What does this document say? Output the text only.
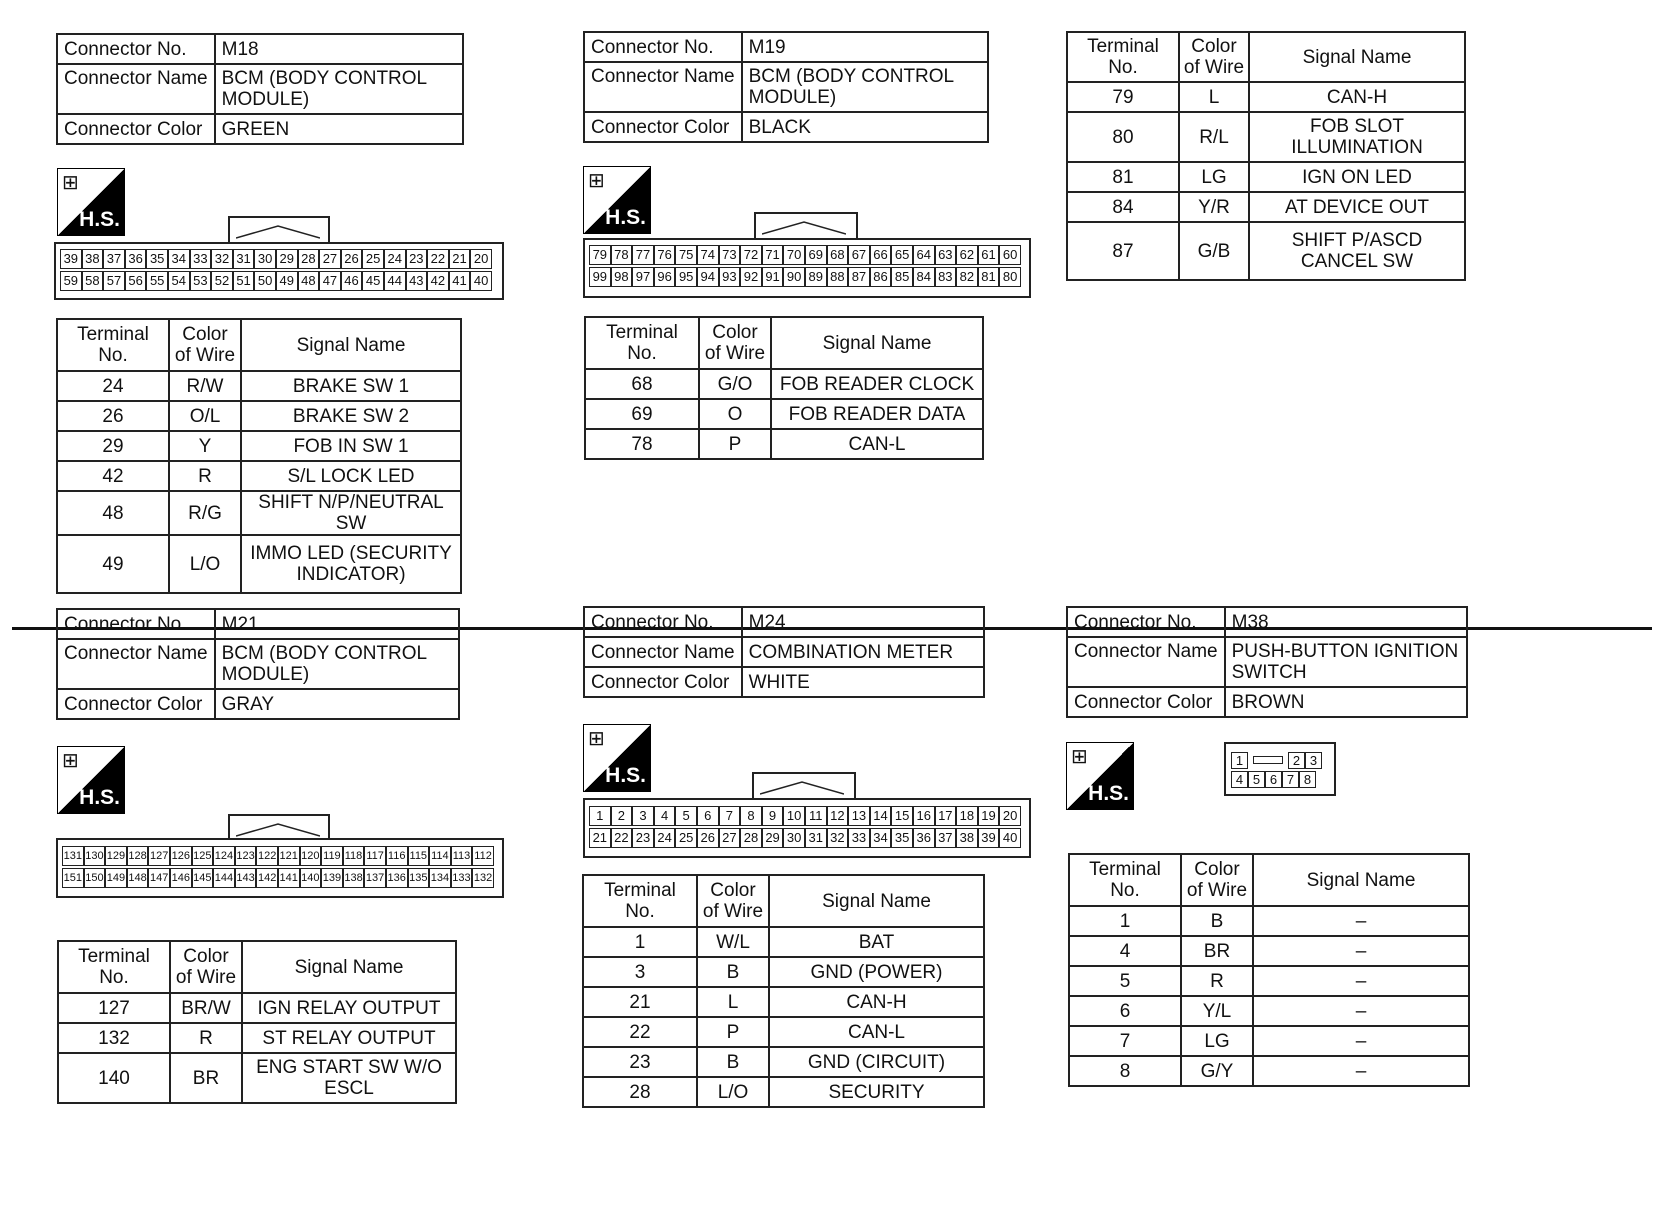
Connector No.	M18
Connector Name	BCM (BODY CONTROL MODULE)
Connector Color	GREEN
⊞
H.S.
39 38 37 36 35 34 33 32 31 30 29 28 27 26 25 24 23 22 21 20
59 58 57 56 55 54 53 52 51 50 49 48 47 46 45 44 43 42 41 40
Terminal No.	Color of Wire	Signal Name
24	R/W	BRAKE SW 1
26	O/L	BRAKE SW 2
29	Y	FOB IN SW 1
42	R	S/L LOCK LED
48	R/G	SHIFT N/P/NEUTRAL SW
49	L/O	IMMO LED (SECURITY INDICATOR)
Connector No.	M19
Connector Name	BCM (BODY CONTROL MODULE)
Connector Color	BLACK
⊞
H.S.
79 78 77 76 75 74 73 72 71 70 69 68 67 66 65 64 63 62 61 60
99 98 97 96 95 94 93 92 91 90 89 88 87 86 85 84 83 82 81 80
Terminal No.	Color of Wire	Signal Name
68	G/O	FOB READER CLOCK
69	O	FOB READER DATA
78	P	CAN-L
Terminal No.	Color of Wire	Signal Name
79	L	CAN-H
80	R/L	FOB SLOT ILLUMINATION
81	LG	IGN ON LED
84	Y/R	AT DEVICE OUT
87	G/B	SHIFT P/ASCD CANCEL SW
Connector No.	M21
Connector Name	BCM (BODY CONTROL MODULE)
Connector Color	GRAY
⊞
H.S.
131 130 129 128 127 126 125 124 123 122 121 120 119 118 117 116 115 114 113 112
151 150 149 148 147 146 145 144 143 142 141 140 139 138 137 136 135 134 133 132
Terminal No.	Color of Wire	Signal Name
127	BR/W	IGN RELAY OUTPUT
132	R	ST RELAY OUTPUT
140	BR	ENG START SW W/O ESCL
Connector No.	M24
Connector Name	COMBINATION METER
Connector Color	WHITE
⊞
H.S.
1	2	3	4	5	6	7	8	9 10 11 12 13 14 15 16 17 18 19 20
21 22 23 24 25 26 27 28 29 30 31 32 33 34 35 36 37 38 39 40
Terminal No.	Color of Wire	Signal Name
1	W/L	BAT
3	B	GND (POWER)
21	L	CAN-H
22	P	CAN-L
23	B	GND (CIRCUIT)
28	L/O	SECURITY
Connector No.	M38
Connector Name	PUSH-BUTTON IGNITION SWITCH
Connector Color	BROWN
⊞
H.S.
1	2 3
4 5 6 7 8
Terminal No.	Color of Wire	Signal Name
1	B	–
4	BR	–
5	R	–
6	Y/L	–
7	LG	–
8	G/Y	–
